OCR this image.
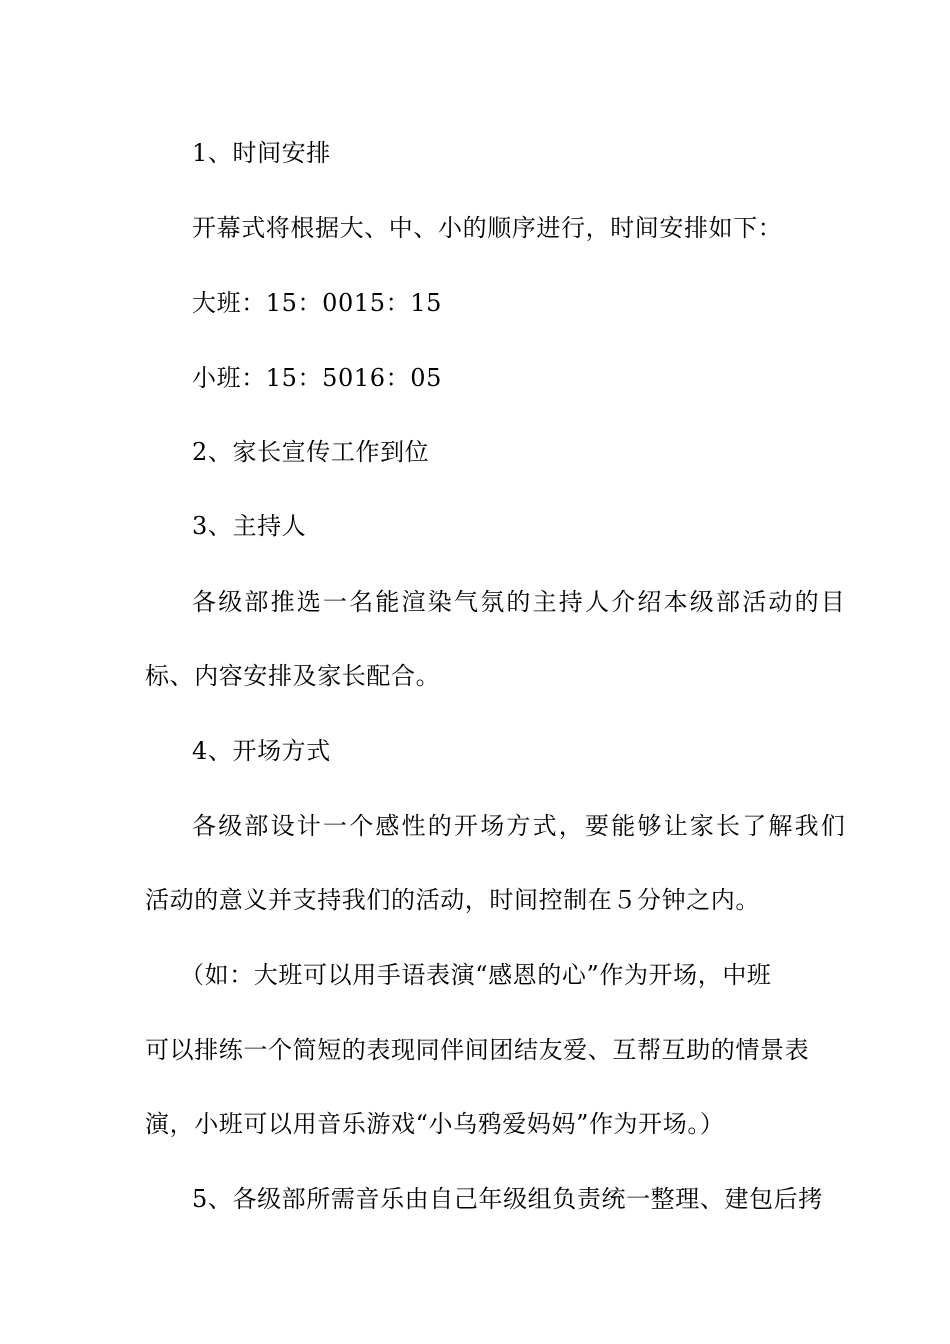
1、时间安排
开幕式将根据大、中、小的顺序进行，时间安排如下：
大班：15：0015：15
小班：15：5016：05
2、家长宣传工作到位
3、主持人
各级部推选一名能渲染气氛的主持人介绍本级部活动的目
标、内容安排及家长配合。
4、开场方式
各级部设计一个感性的开场方式，要能够让家长了解我们
活动的意义并支持我们的活动，时间控制在５分钟之内。
（如：大班可以用手语表演“感恩的心”作为开场，中班
可以排练一个简短的表现同伴间团结友爱、互帮互助的情景表
演，小班可以用音乐游戏“小乌鸦爱妈妈”作为开场。）
5、各级部所需音乐由自己年级组负责统一整理、建包后拷
